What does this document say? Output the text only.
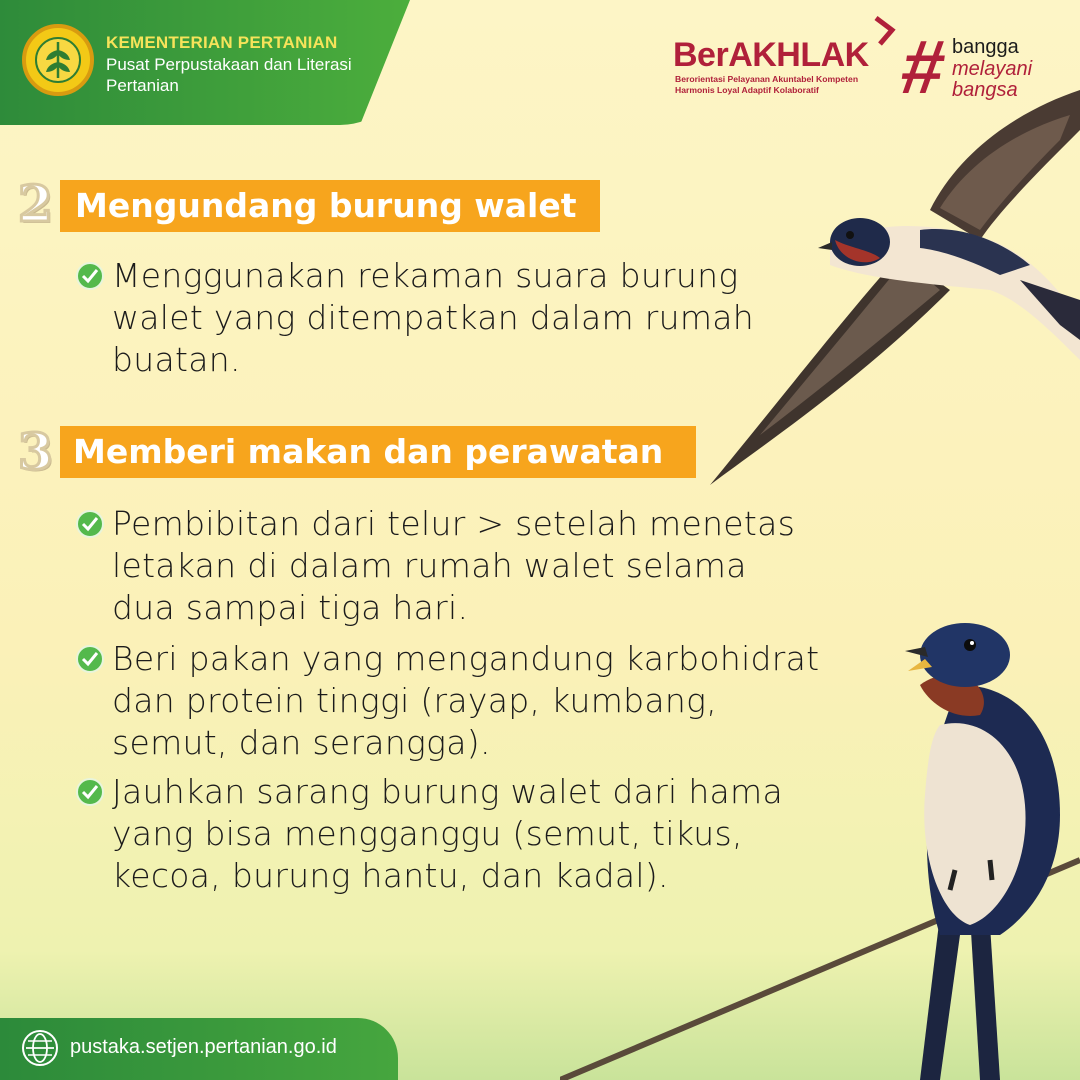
KEMENTERIAN PERTANIAN
Pusat Perpustakaan dan Literasi Pertanian
BerAKHLAK
Berorientasi Pelayanan Akuntabel Kompeten
Harmonis Loyal Adaptif Kolaboratif	# bangga
melayani
bangsa
2 Mengundang burung walet
Menggunakan rekaman suara burung
walet yang ditempatkan dalam rumah
buatan.
3 Memberi makan dan perawatan
Pembibitan dari telur > setelah menetas
letakan di dalam rumah walet selama
dua sampai tiga hari.
Beri pakan yang mengandung karbohidrat
dan protein tinggi (rayap, kumbang,
semut, dan serangga).
Jauhkan sarang burung walet dari hama
yang bisa mengganggu (semut, tikus,
kecoa, burung hantu, dan kadal).
pustaka.setjen.pertanian.go.id
